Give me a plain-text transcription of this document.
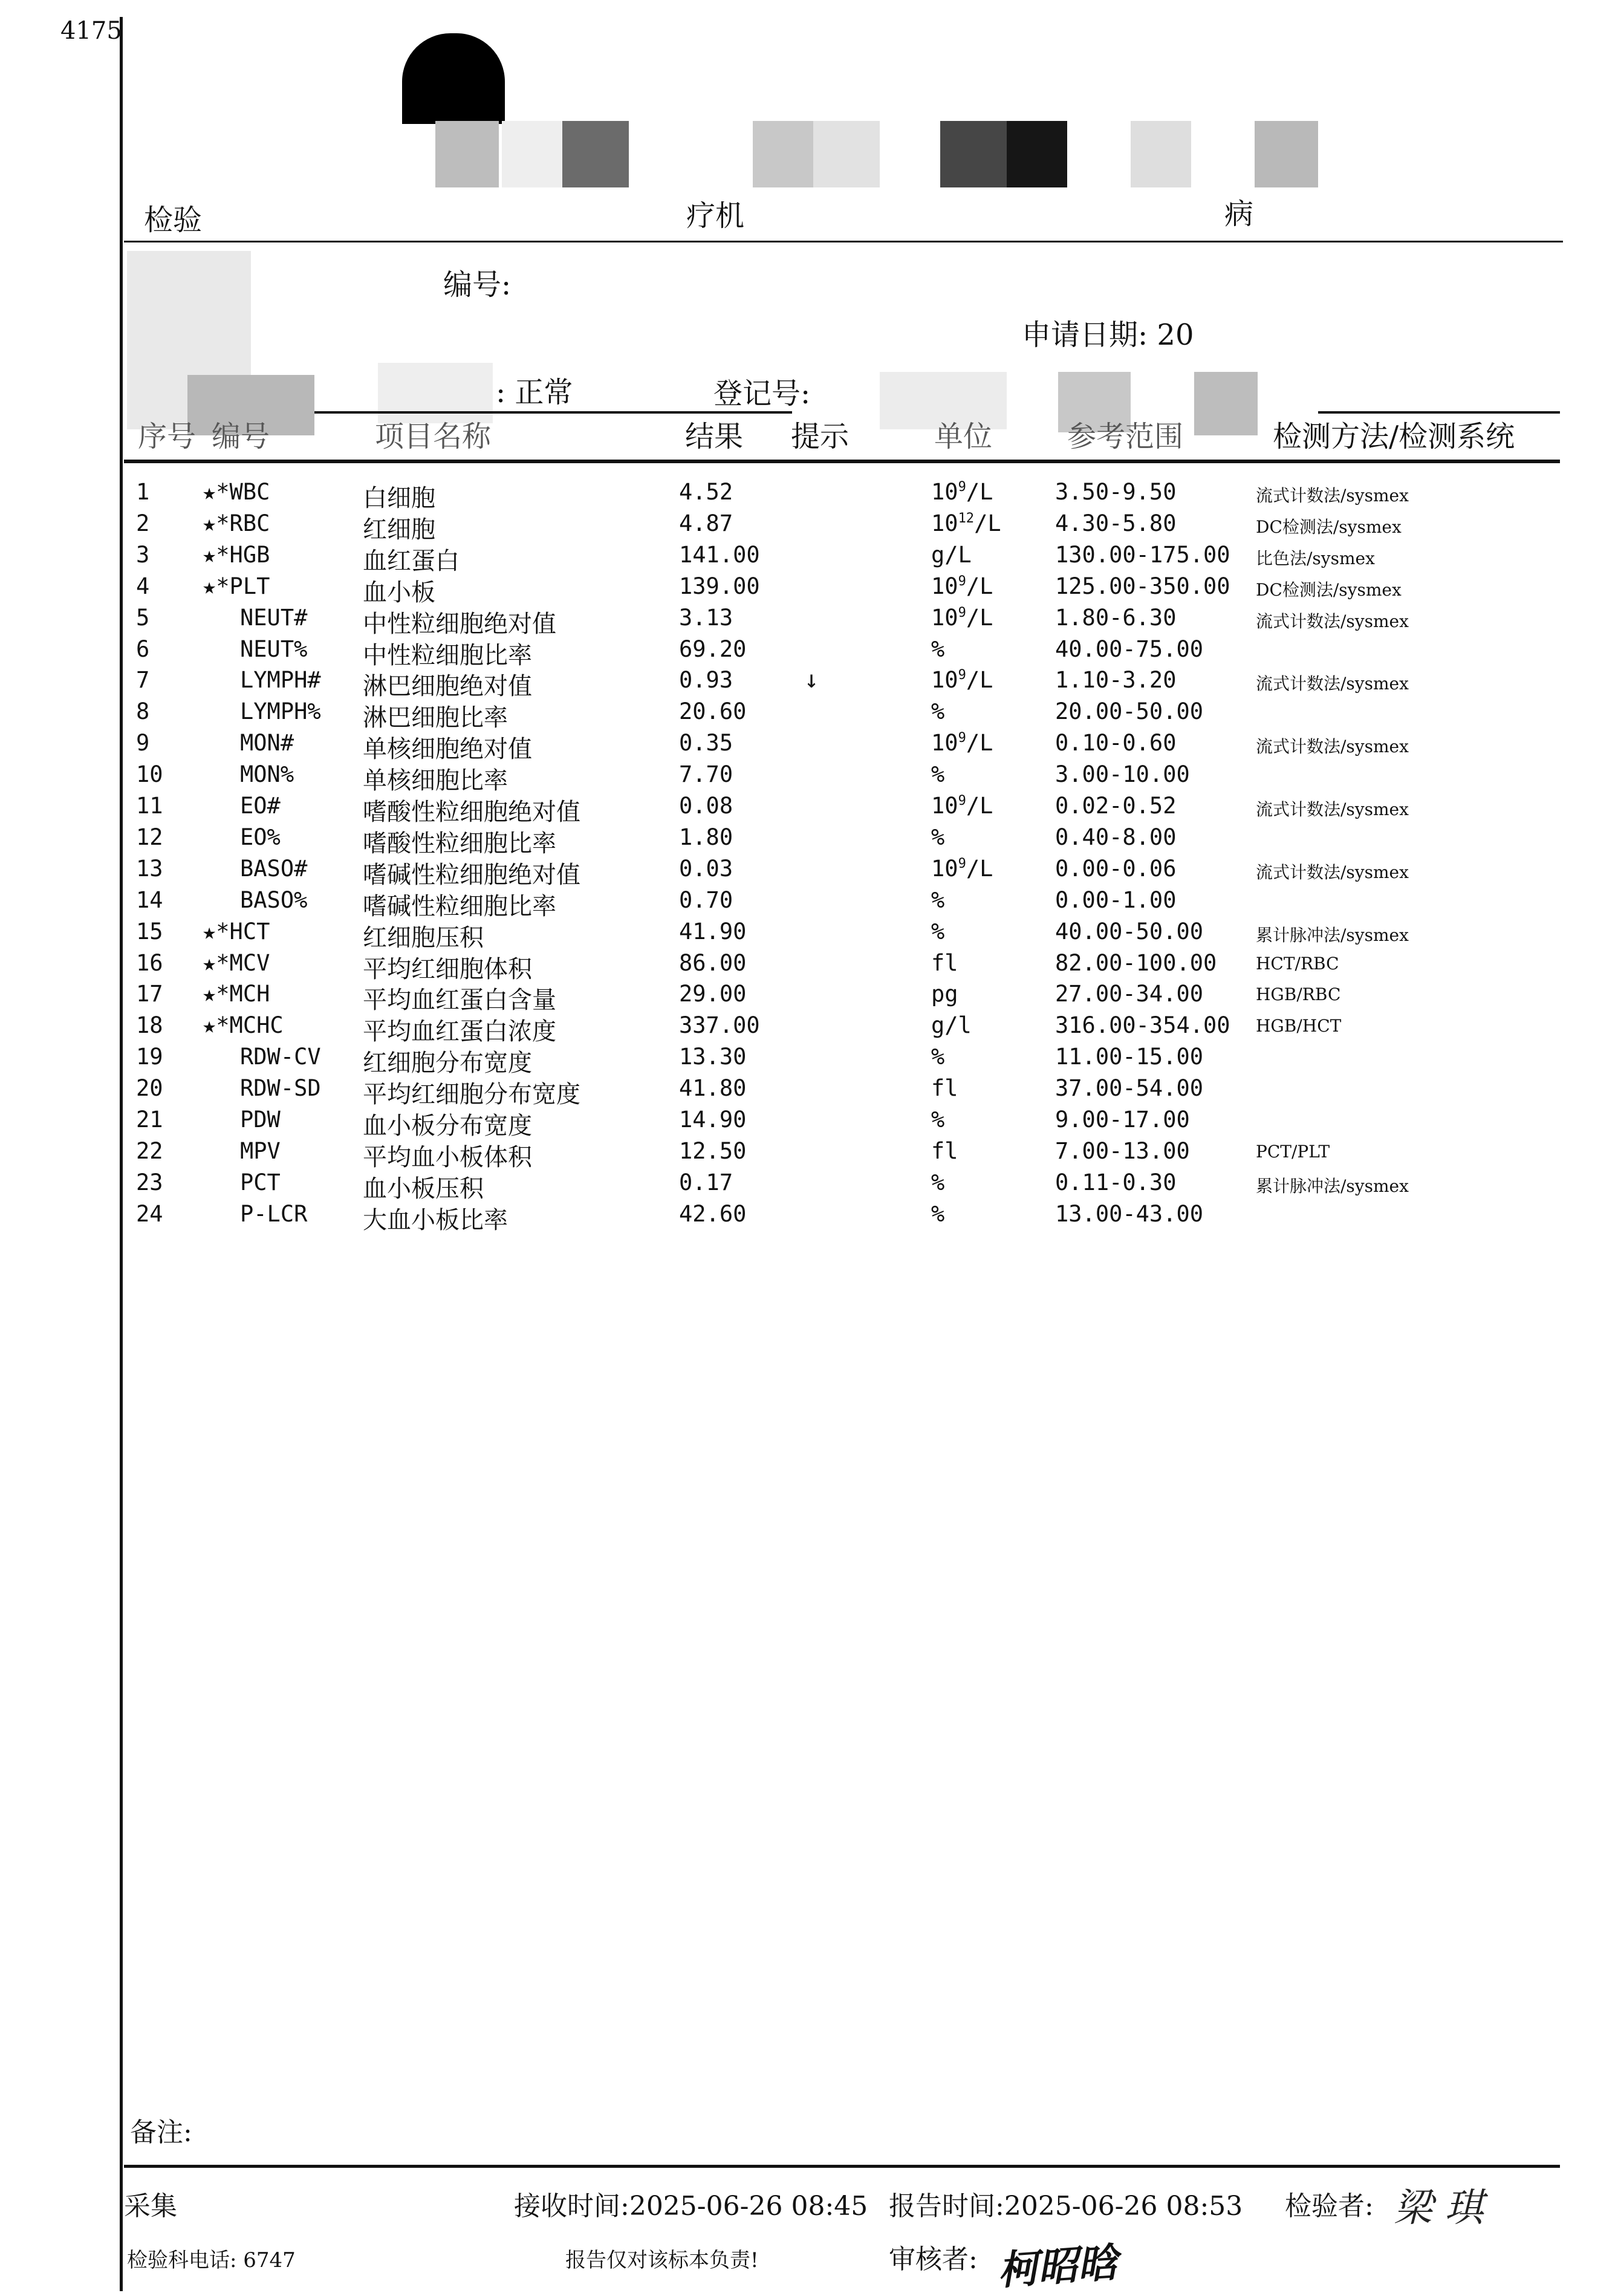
4175
检验	疗机	病
编号:
申请日期: 20
: 正常	登记号:
序号 编号	项目名称	结果 提示	单位	参考范围	检测方法/检测系统
1 ★*WBC	白细胞	4.52	$10^9/L$	3.50-9.50	流式计数法/sysmex
2 ★*RBC	红细胞	4.87	$10^{12}/L$ 4.30-5.80	DC检测法/sysmex
3 ★*HGB	血红蛋白	141.00	g/L	130.00-175.00 比色法/sysmex
4 ★*PLT	血小板	139.00	$10^9/L$	125.00-350.00 DC检测法/sysmex
5	NEUT# 中性粒细胞绝对值	3.13	$10^9/L$	1.80-6.30	流式计数法/sysmex
6	NEUT% 中性粒细胞比率	69.20	%	40.00-75.00
7	LYMPH# 淋巴细胞绝对值	0.93	↓	$10^9/L$	1.10-3.20	流式计数法/sysmex
8	LYMPH% 淋巴细胞比率	20.60	%	20.00-50.00
9	MON#	单核细胞绝对值	0.35	$10^9/L$	0.10-0.60	流式计数法/sysmex
10	MON%	单核细胞比率	7.70	%	3.00-10.00
11	EO#	嗜酸性粒细胞绝对值	0.08	$10^9/L$	0.02-0.52	流式计数法/sysmex
12	EO%	嗜酸性粒细胞比率	1.80	%	0.40-8.00
13	BASO# 嗜碱性粒细胞绝对值	0.03	$10^9/L$	0.00-0.06	流式计数法/sysmex
14	BASO% 嗜碱性粒细胞比率	0.70	%	0.00-1.00
15 ★*HCT	红细胞压积	41.90	%	40.00-50.00	累计脉冲法/sysmex
16 ★*MCV	平均红细胞体积	86.00	fl	82.00-100.00 HCT/RBC
17 ★*MCH	平均血红蛋白含量	29.00	pg	27.00-34.00	HGB/RBC
18 ★*MCHC	平均血红蛋白浓度	337.00	g/l	316.00-354.00 HGB/HCT
19	RDW-CV 红细胞分布宽度	13.30	%	11.00-15.00
20	RDW-SD 平均红细胞分布宽度	41.80	fl	37.00-54.00
21	PDW	血小板分布宽度	14.90	%	9.00-17.00
22	MPV	平均血小板体积	12.50	fl	7.00-13.00	PCT/PLT
23	PCT	血小板压积	0.17	%	0.11-0.30	累计脉冲法/sysmex
24	P-LCR 大血小板比率	42.60	%	13.00-43.00
备注:
采集	接收时间:2025-06-26 08:45 报告时间:2025-06-26 08:53 检验者: 梁 琪
检验科电话: 6747	报告仅对该标本负责!	审核者: 柯昭晗
